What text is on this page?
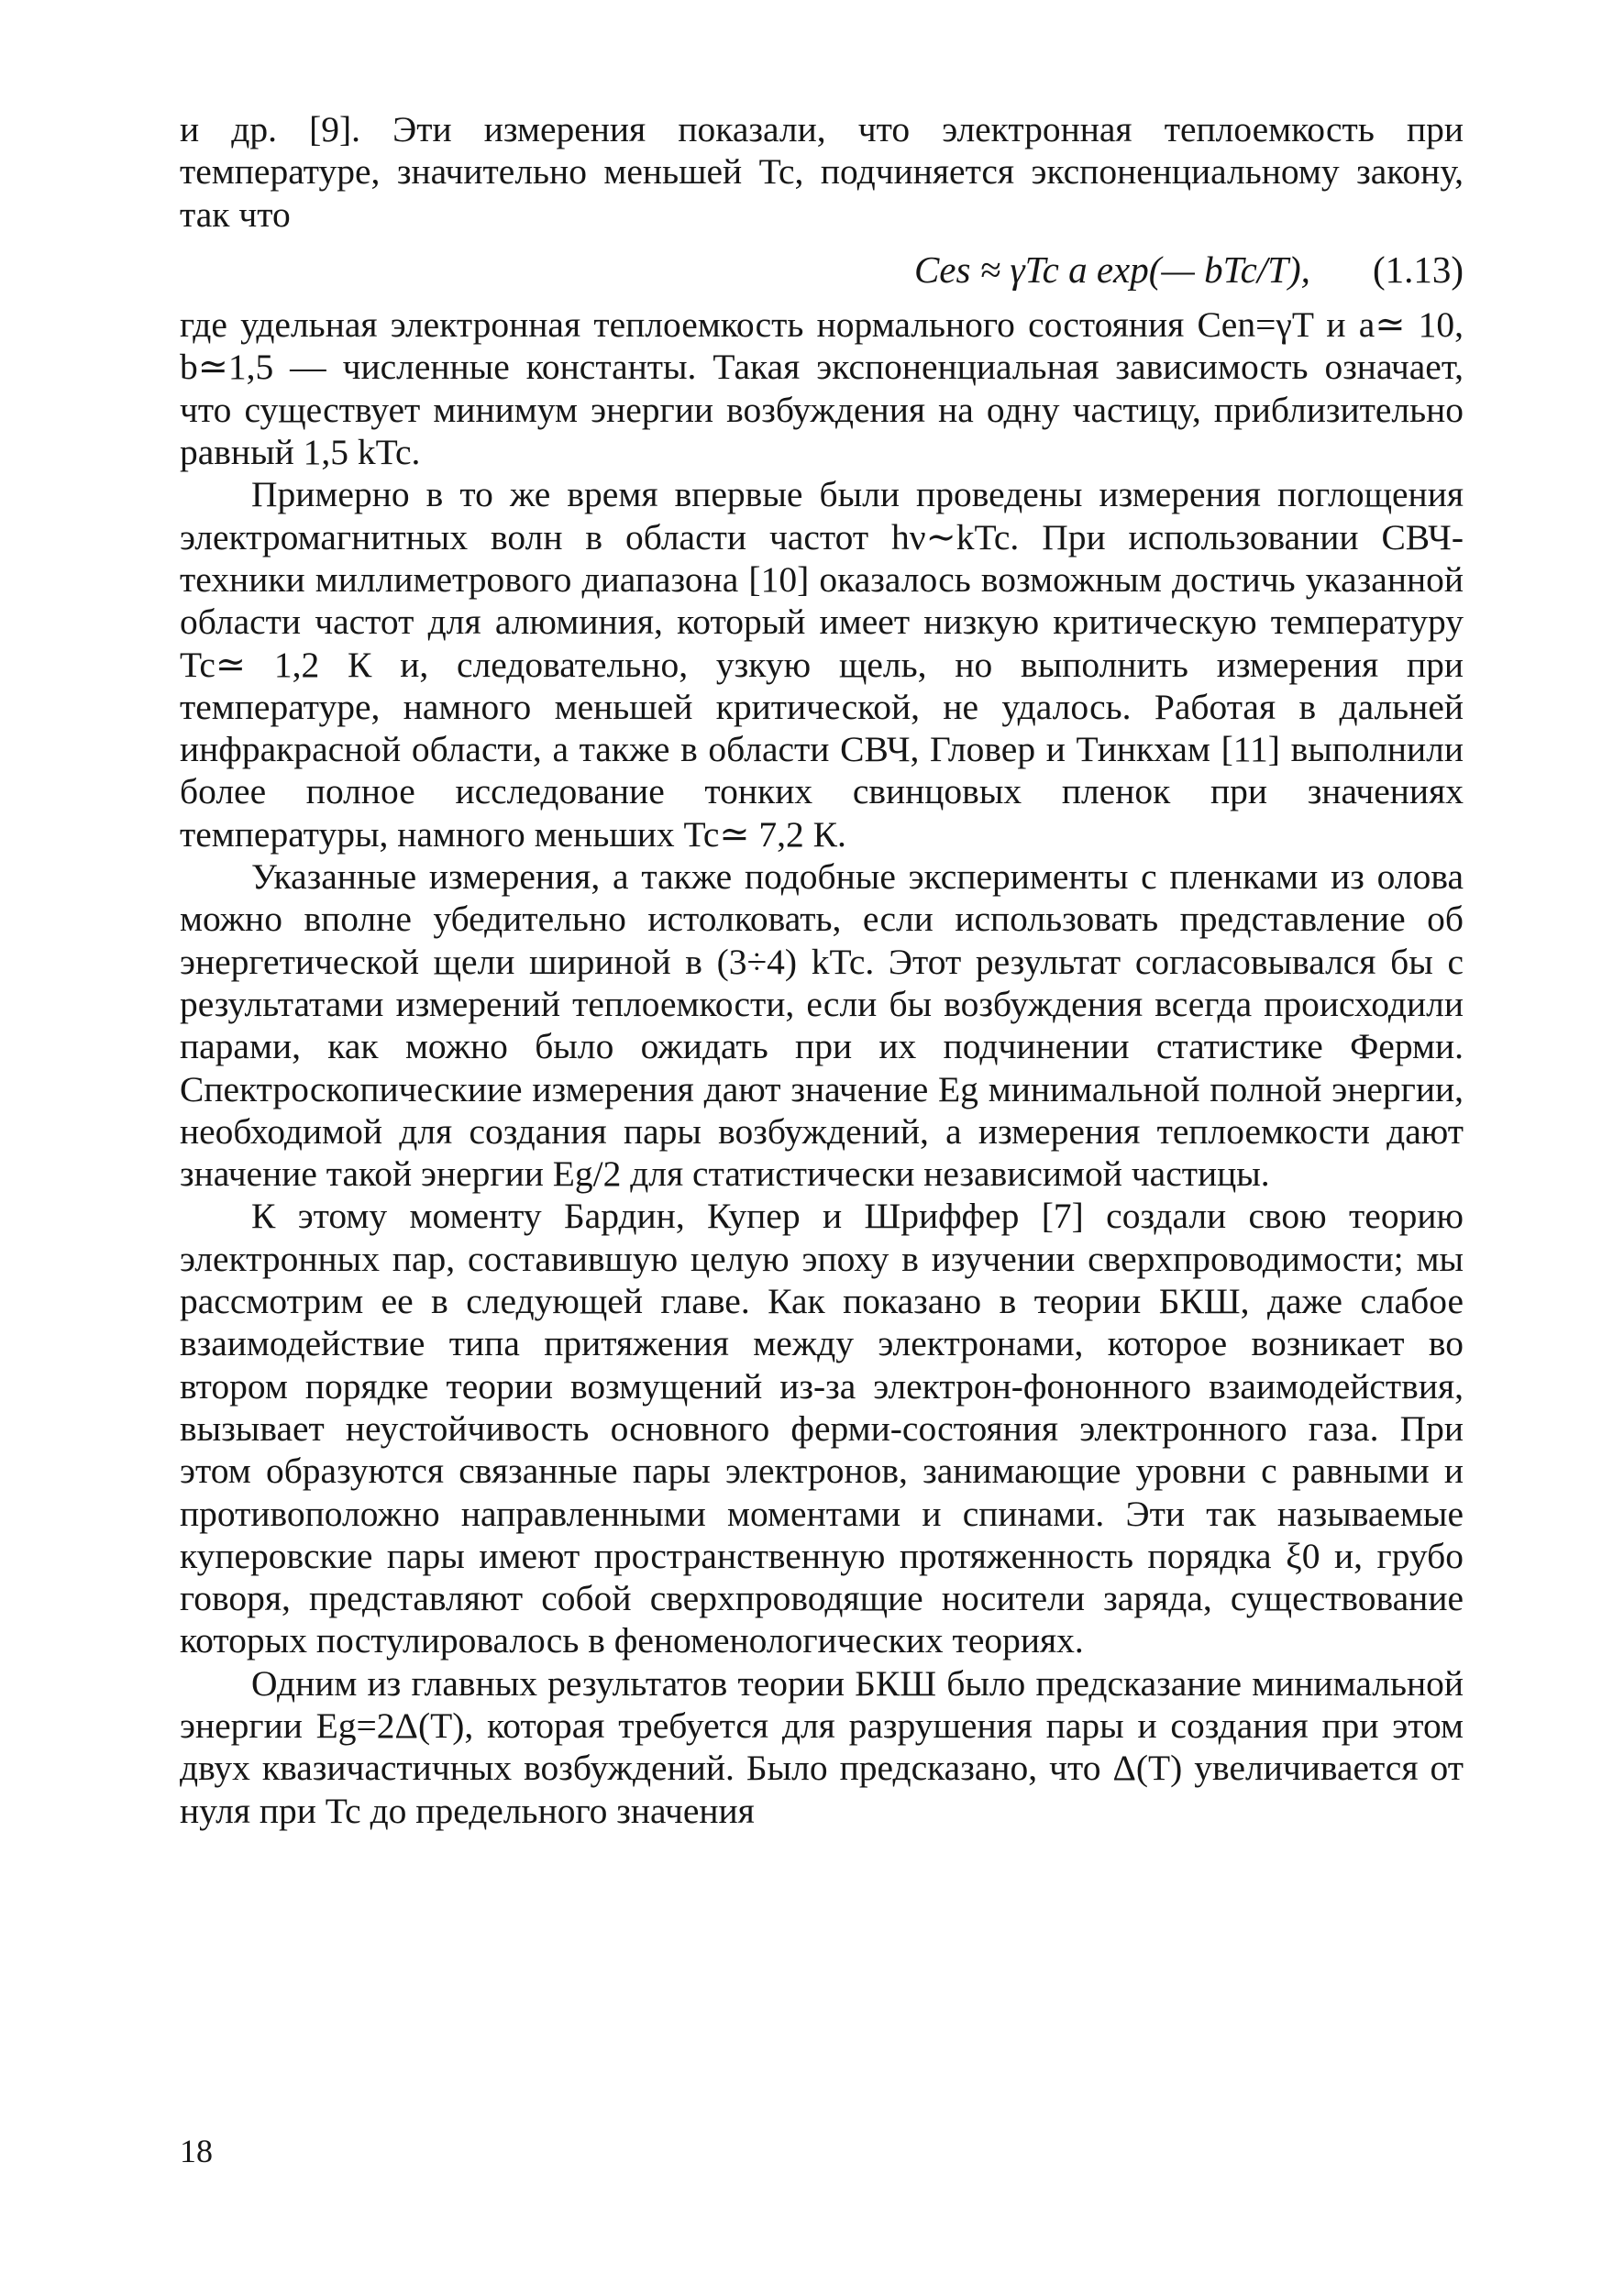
и др. [9]. Эти измерения показали, что электронная теплоемкость при температуре, значительно меньшей Tc, подчиняется экспоненциальному закону, так что

Ces ≈ γTc a exp(— bTc/T), (1.13)

где удельная электронная теплоемкость нормального состояния Cen=γT и a≃ 10, b≃1,5 — численные константы. Такая экспоненциальная зависимость означает, что существует минимум энергии возбуждения на одну частицу, приблизительно равный 1,5 kTc.

Примерно в то же время впервые были проведены измерения поглощения электромагнитных волн в области частот hν∼kTc. При использовании СВЧ-техники миллиметрового диапазона [10] оказалось возможным достичь указанной области частот для алюминия, который имеет низкую критическую температуру Tc≃ 1,2 К и, следовательно, узкую щель, но выполнить измерения при температуре, намного меньшей критической, не удалось. Работая в дальней инфракрасной области, а также в области СВЧ, Гловер и Тинкхам [11] выполнили более полное исследование тонких свинцовых пленок при значениях температуры, намного меньших Tc≃ 7,2 К.

Указанные измерения, а также подобные эксперименты с пленками из олова можно вполне убедительно истолковать, если использовать представление об энергетической щели шириной в (3÷4) kTc. Этот результат согласовывался бы с результатами измерений теплоемкости, если бы возбуждения всегда происходили парами, как можно было ожидать при их подчинении статистике Ферми. Спектроскопическиие измерения дают значение Eg минимальной полной энергии, необходимой для создания пары возбуждений, а измерения теплоемкости дают значение такой энергии Eg/2 для статистически независимой частицы.

К этому моменту Бардин, Купер и Шриффер [7] создали свою теорию электронных пар, составившую целую эпоху в изучении сверхпроводимости; мы рассмотрим ее в следующей главе. Как показано в теории БКШ, даже слабое взаимодействие типа притяжения между электронами, которое возникает во втором порядке теории возмущений из-за электрон-фононного взаимодействия, вызывает неустойчивость основного ферми-состояния электронного газа. При этом образуются связанные пары электронов, занимающие уровни с равными и противоположно направленными моментами и спинами. Эти так называемые куперовские пары имеют пространственную протяженность порядка ξ0 и, грубо говоря, представляют собой сверхпроводящие носители заряда, существование которых постулировалось в феноменологических теориях.

Одним из главных результатов теории БКШ было предсказание минимальной энергии Eg=2Δ(T), которая требуется для разрушения пары и создания при этом двух квазичастичных возбуждений. Было предсказано, что Δ(T) увеличивается от нуля при Tc до предельного значения

18
